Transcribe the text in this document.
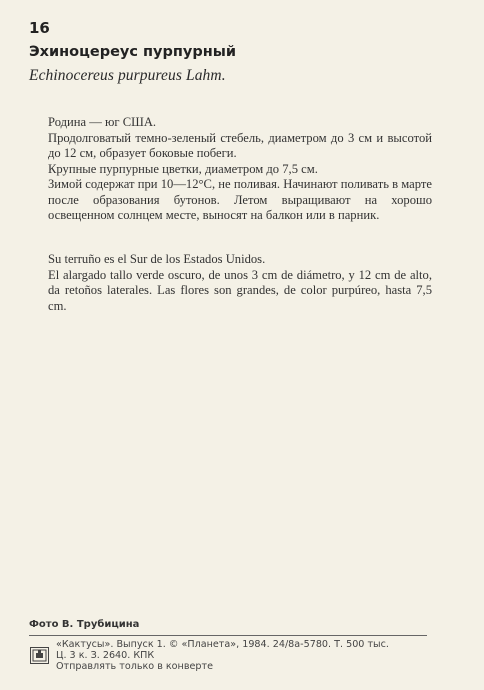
16
Эхиноцереус пурпурный
Echinocereus purpureus Lahm.

Родина — юг США.

Продолговатый темно-зеленый стебель, диаметром до 3 см и высотой до 12 см, образует боковые побеги.

Крупные пурпурные цветки, диаметром до 7,5 см.

Зимой содержат при 10—12°С, не поливая. Начинают поливать в марте после образования бутонов. Летом выращивают на хорошо освещенном солнцем месте, выносят на балкон или в парник.

Su terruño es el Sur de los Estados Unidos.

El alargado tallo verde oscuro, de unos 3 cm de diámetro, y 12 cm de alto, da retoños laterales. Las flores son grandes, de color purpúreo, hasta 7,5 cm.

Фото В. Трубицина
«Кактусы». Выпуск 1. © «Планета», 1984. 24/8а-5780. Т. 500 тыс.
Ц. 3 к. З. 2640. КПК
Отправлять только в конверте
